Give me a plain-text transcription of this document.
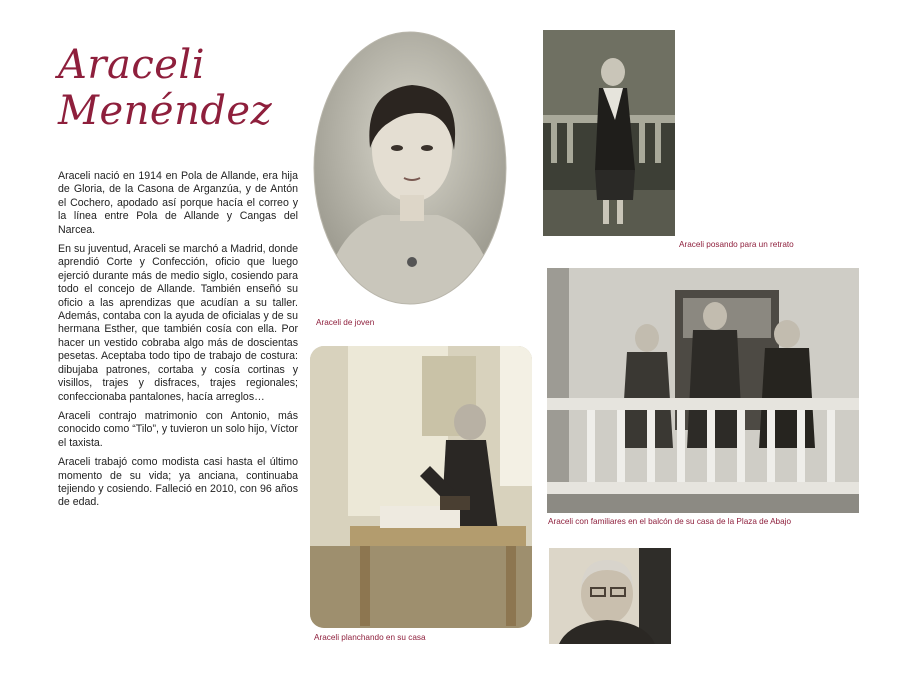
Araceli
Menéndez

Araceli nació en 1914 en Pola de Allande, era hija de Gloria, de la Casona de Arganzúa, y de Antón el Cochero, apodado así porque hacía el correo y la línea entre Pola de Allande y Cangas del Narcea.

En su juventud, Araceli se marchó a Madrid, donde aprendió Corte y Confección, oficio que luego ejerció durante más de medio siglo, cosiendo para todo el concejo de Allande. También enseñó su oficio a las aprendizas que acudían a su taller. Además, contaba con la ayuda de oficialas y de su hermana Esther, que también cosía con ella. Por hacer un vestido cobraba algo más de doscientas pesetas. Aceptaba todo tipo de trabajo de costura: dibujaba patrones, cortaba y cosía cortinas y visillos, trajes y disfraces, trajes regionales; confeccionaba pantalones, hacía arreglos…

Araceli contrajo matrimonio con Antonio, más conocido como “Tilo”, y tuvieron un solo hijo, Víctor el taxista.

Araceli trabajó como modista casi hasta el último momento de su vida; ya anciana, continuaba tejiendo y cosiendo. Falleció en 2010, con 96 años de edad.

Araceli de joven
Araceli posando para un retrato
Araceli con familiares en el balcón de su casa de la Plaza de Abajo
Araceli planchando en su casa
